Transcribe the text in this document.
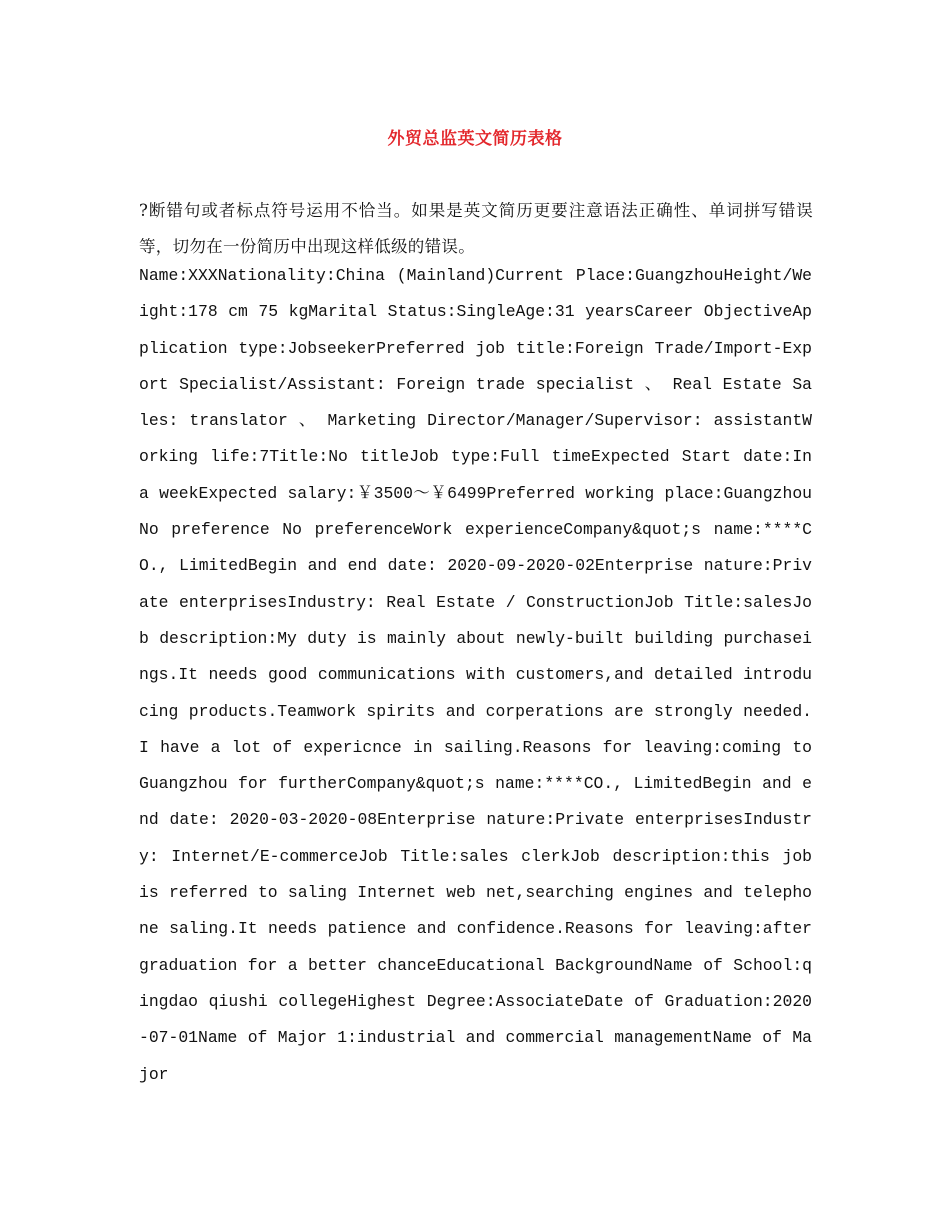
外贸总监英文简历表格
?断错句或者标点符号运用不恰当。如果是英文简历更要注意语法正确性、单词拼写错误等，切勿在一份简历中出现这样低级的错误。
Name:XXXNationality:China (Mainland)Current Place:GuangzhouHeight/Weight:178 cm 75 kgMarital Status:SingleAge:31 yearsCareer ObjectiveApplication type:JobseekerPreferred job title:Foreign Trade/Import-Export Specialist/Assistant: Foreign trade specialist 、 Real Estate Sales: translator 、 Marketing Director/Manager/Supervisor: assistantWorking life:7Title:No titleJob type:Full timeExpected Start date:In a weekExpected salary:￥3500～￥6499Preferred working place:Guangzhou No preference No preferenceWork experienceCompany&quot;s name:****CO., LimitedBegin and end date: 2020-09-2020-02Enterprise nature:Private enterprisesIndustry: Real Estate / ConstructionJob Title:salesJob description:My duty is mainly about newly-built building purchaseings.It needs good communications with customers,and detailed introducing products.Teamwork spirits and corperations are strongly needed.I have a lot of expericnce in sailing.Reasons for leaving:coming to Guangzhou for furtherCompany&quot;s name:****CO., LimitedBegin and end date: 2020-03-2020-08Enterprise nature:Private enterprisesIndustry: Internet/E-commerceJob Title:sales clerkJob description:this job is referred to saling Internet web net,searching engines and telephone saling.It needs patience and confidence.Reasons for leaving:after graduation for a better chanceEducational BackgroundName of School:qingdao qiushi collegeHighest Degree:AssociateDate of Graduation:2020-07-01Name of Major 1:industrial and commercial managementName of Major
